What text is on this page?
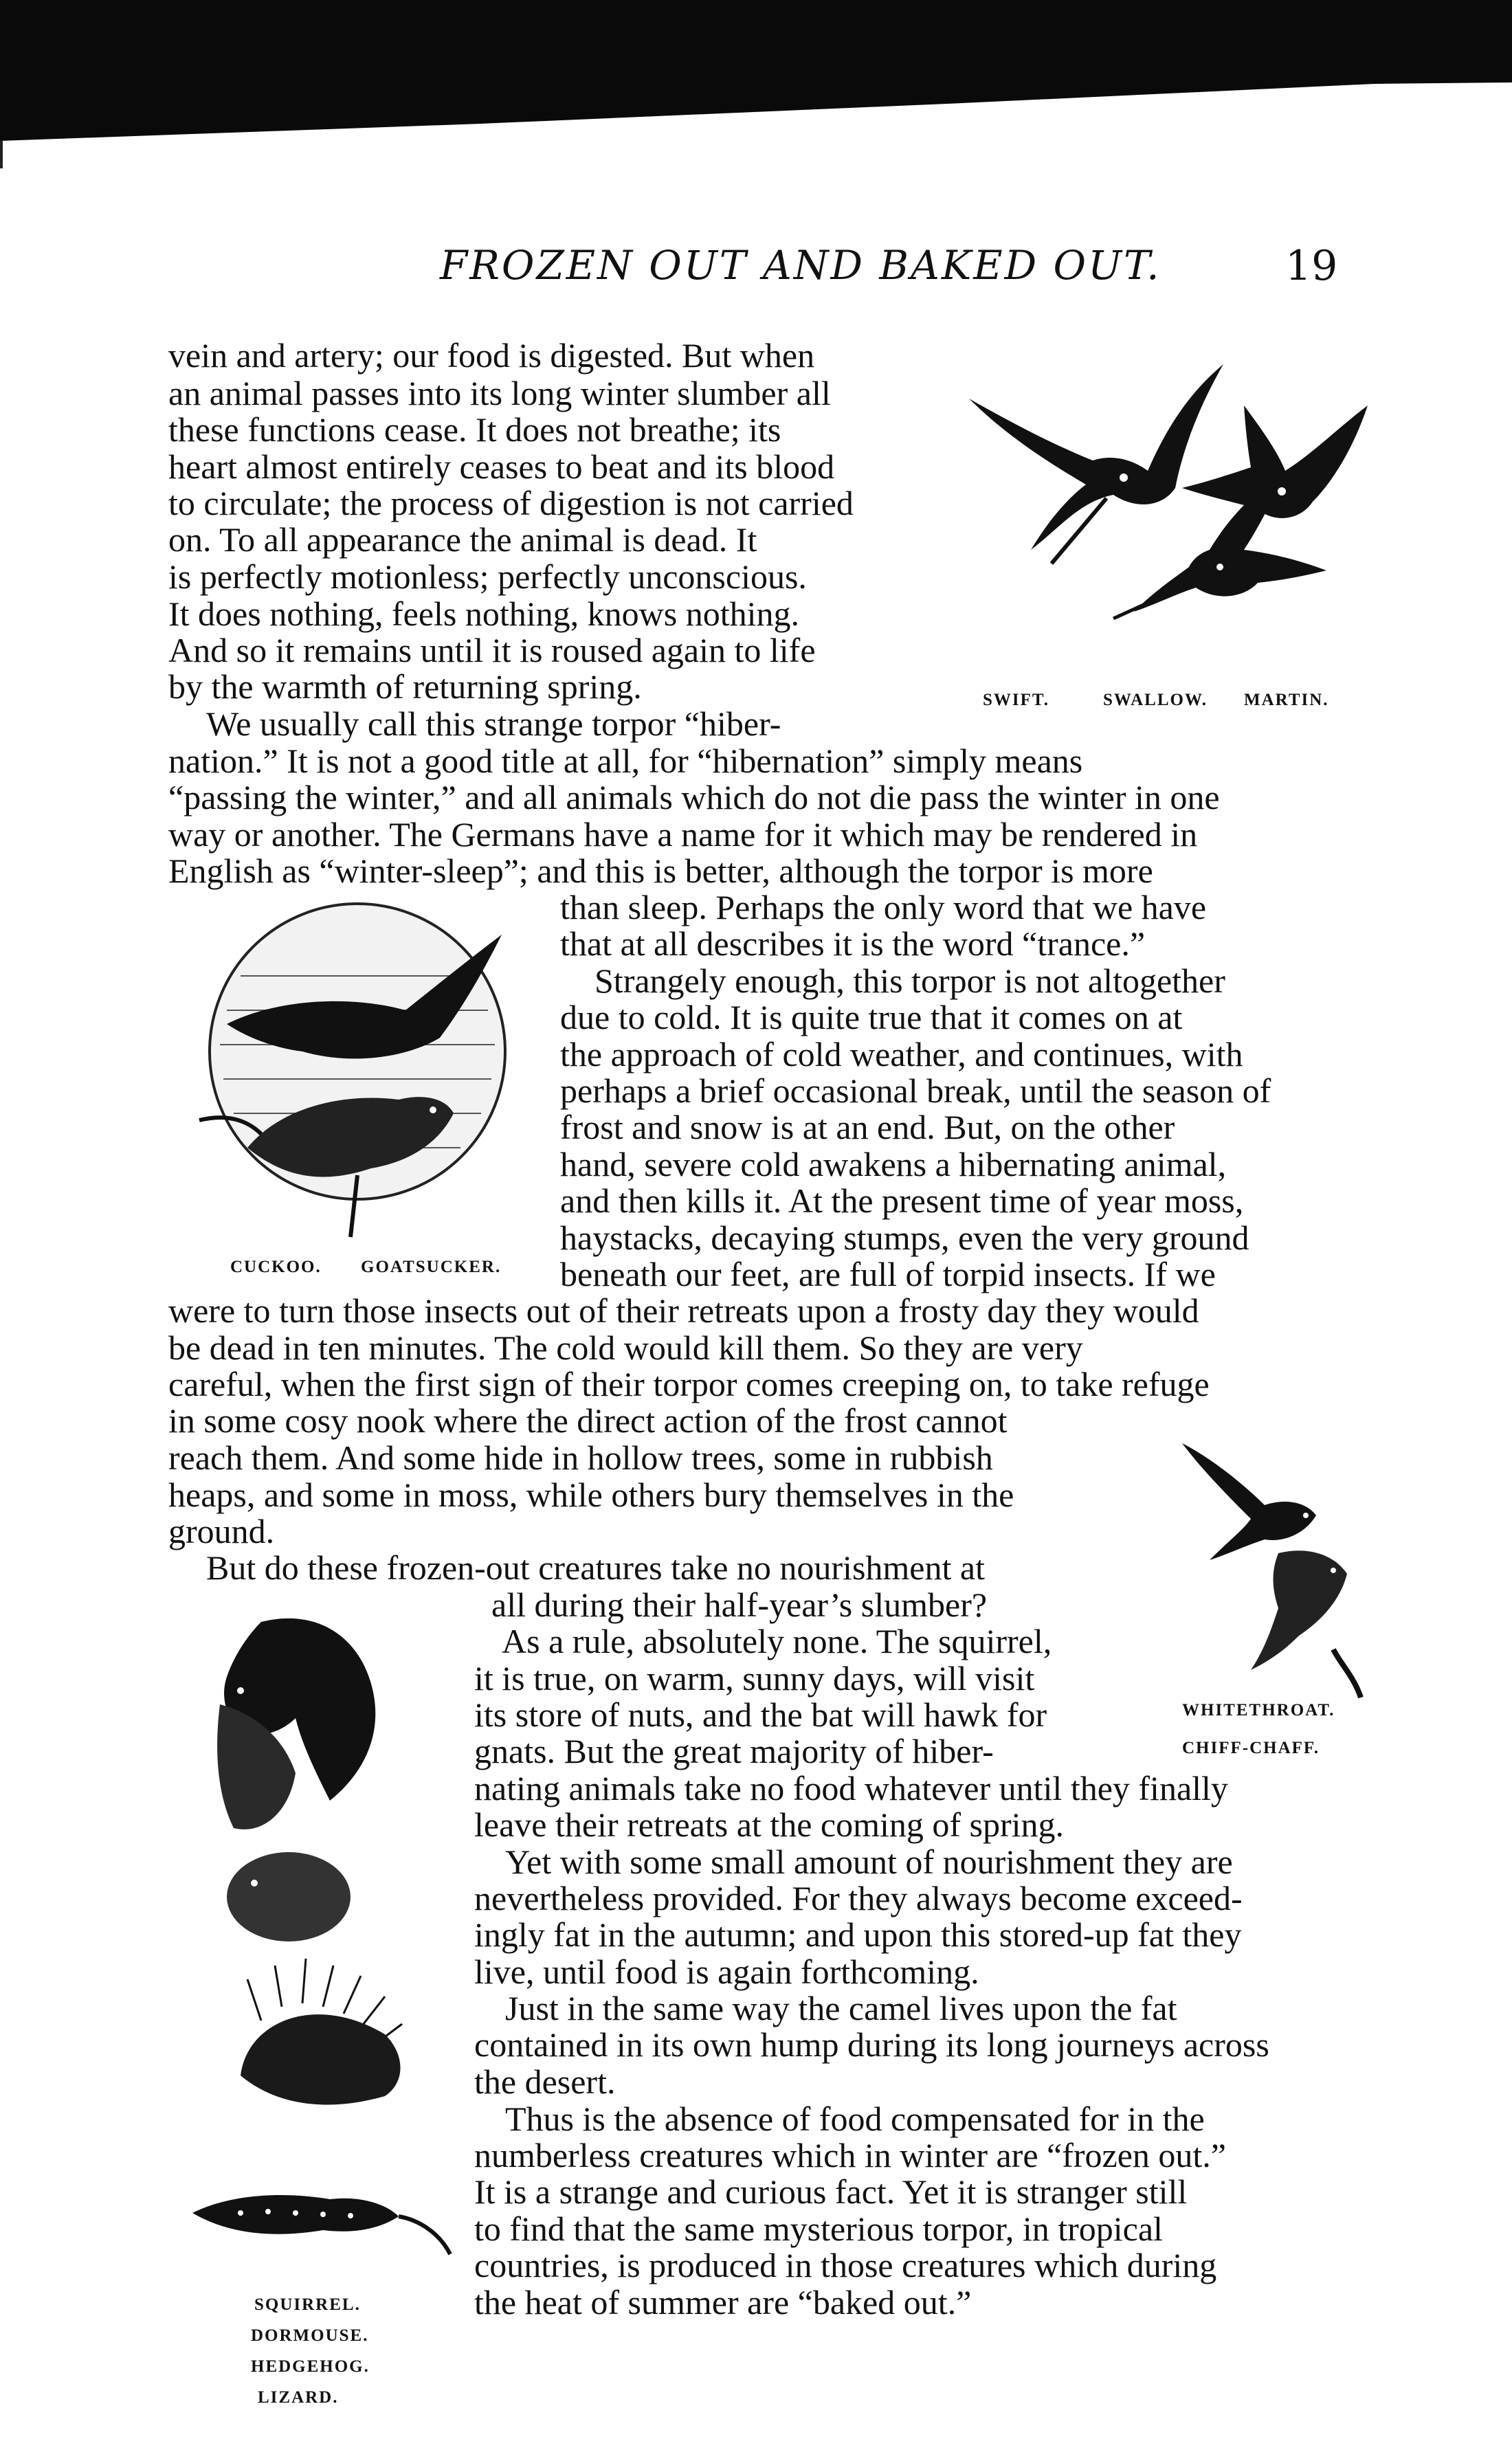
FROZEN OUT AND BAKED OUT.	19
vein and artery; our food is digested. But when
an animal passes into its long winter slumber all
these functions cease. It does not breathe; its
heart almost entirely ceases to beat and its blood
to circulate; the process of digestion is not carried
on. To all appearance the animal is dead. It
is perfectly motionless; perfectly unconscious.
It does nothing, feels nothing, knows nothing.
And so it remains until it is roused again to life
by the warmth of returning spring.
We usually call this strange torpor “hiber-
nation.” It is not a good title at all, for “hibernation” simply means
“passing the winter,” and all animals which do not die pass the winter in one
way or another. The Germans have a name for it which may be rendered in
English as “winter-sleep”; and this is better, although the torpor is more
than sleep. Perhaps the only word that we have
that at all describes it is the word “trance.”
Strangely enough, this torpor is not altogether
due to cold. It is quite true that it comes on at
the approach of cold weather, and continues, with
perhaps a brief occasional break, until the season of
frost and snow is at an end. But, on the other
hand, severe cold awakens a hibernating animal,
and then kills it. At the present time of year moss,
haystacks, decaying stumps, even the very ground
beneath our feet, are full of torpid insects. If we
were to turn those insects out of their retreats upon a frosty day they would
be dead in ten minutes. The cold would kill them. So they are very
careful, when the first sign of their torpor comes creeping on, to take refuge
in some cosy nook where the direct action of the frost cannot
reach them. And some hide in hollow trees, some in rubbish
heaps, and some in moss, while others bury themselves in the
ground.
But do these frozen-out creatures take no nourishment at
all during their half-year’s slumber?
As a rule, absolutely none. The squirrel,
it is true, on warm, sunny days, will visit
its store of nuts, and the bat will hawk for
gnats. But the great majority of hiber-
nating animals take no food whatever until they finally
leave their retreats at the coming of spring.
Yet with some small amount of nourishment they are
nevertheless provided. For they always become exceed-
ingly fat in the autumn; and upon this stored-up fat they
live, until food is again forthcoming.
Just in the same way the camel lives upon the fat
contained in its own hump during its long journeys across
the desert.
Thus is the absence of food compensated for in the
numberless creatures which in winter are “frozen out.”
It is a strange and curious fact. Yet it is stranger still
to find that the same mysterious torpor, in tropical
countries, is produced in those creatures which during
the heat of summer are “baked out.”
SWIFT.	SWALLOW. MARTIN.
CUCKOO. GOATSUCKER.
WHITETHROAT.
CHIFF-CHAFF.
SQUIRREL.
DORMOUSE.
HEDGEHOG.
LIZARD.
